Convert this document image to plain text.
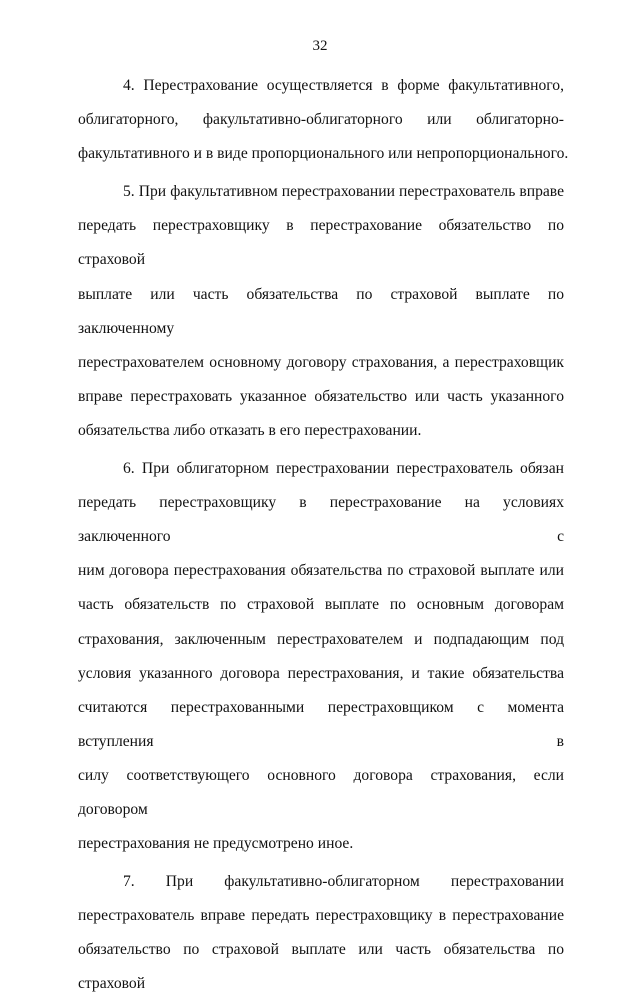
32
4. Перестрахование осуществляется в форме факультативного,
облигаторного, факультативно-облигаторного или облигаторно-
факультативного и в виде пропорционального или непропорционального.
5. При факультативном перестраховании перестрахователь вправе
передать перестраховщику в перестрахование обязательство по страховой
выплате или часть обязательства по страховой выплате по заключенному
перестрахователем основному договору страхования, а перестраховщик
вправе перестраховать указанное обязательство или часть указанного
обязательства либо отказать в его перестраховании.
6. При облигаторном перестраховании перестрахователь обязан
передать перестраховщику в перестрахование на условиях заключенного с
ним договора перестрахования обязательства по страховой выплате или
часть обязательств по страховой выплате по основным договорам
страхования, заключенным перестрахователем и подпадающим под
условия указанного договора перестрахования, и такие обязательства
считаются перестрахованными перестраховщиком с момента вступления в
силу соответствующего основного договора страхования, если договором
перестрахования не предусмотрено иное.
7. При факультативно-облигаторном перестраховании
перестрахователь вправе передать перестраховщику в перестрахование
обязательство по страховой выплате или часть обязательства по страховой
